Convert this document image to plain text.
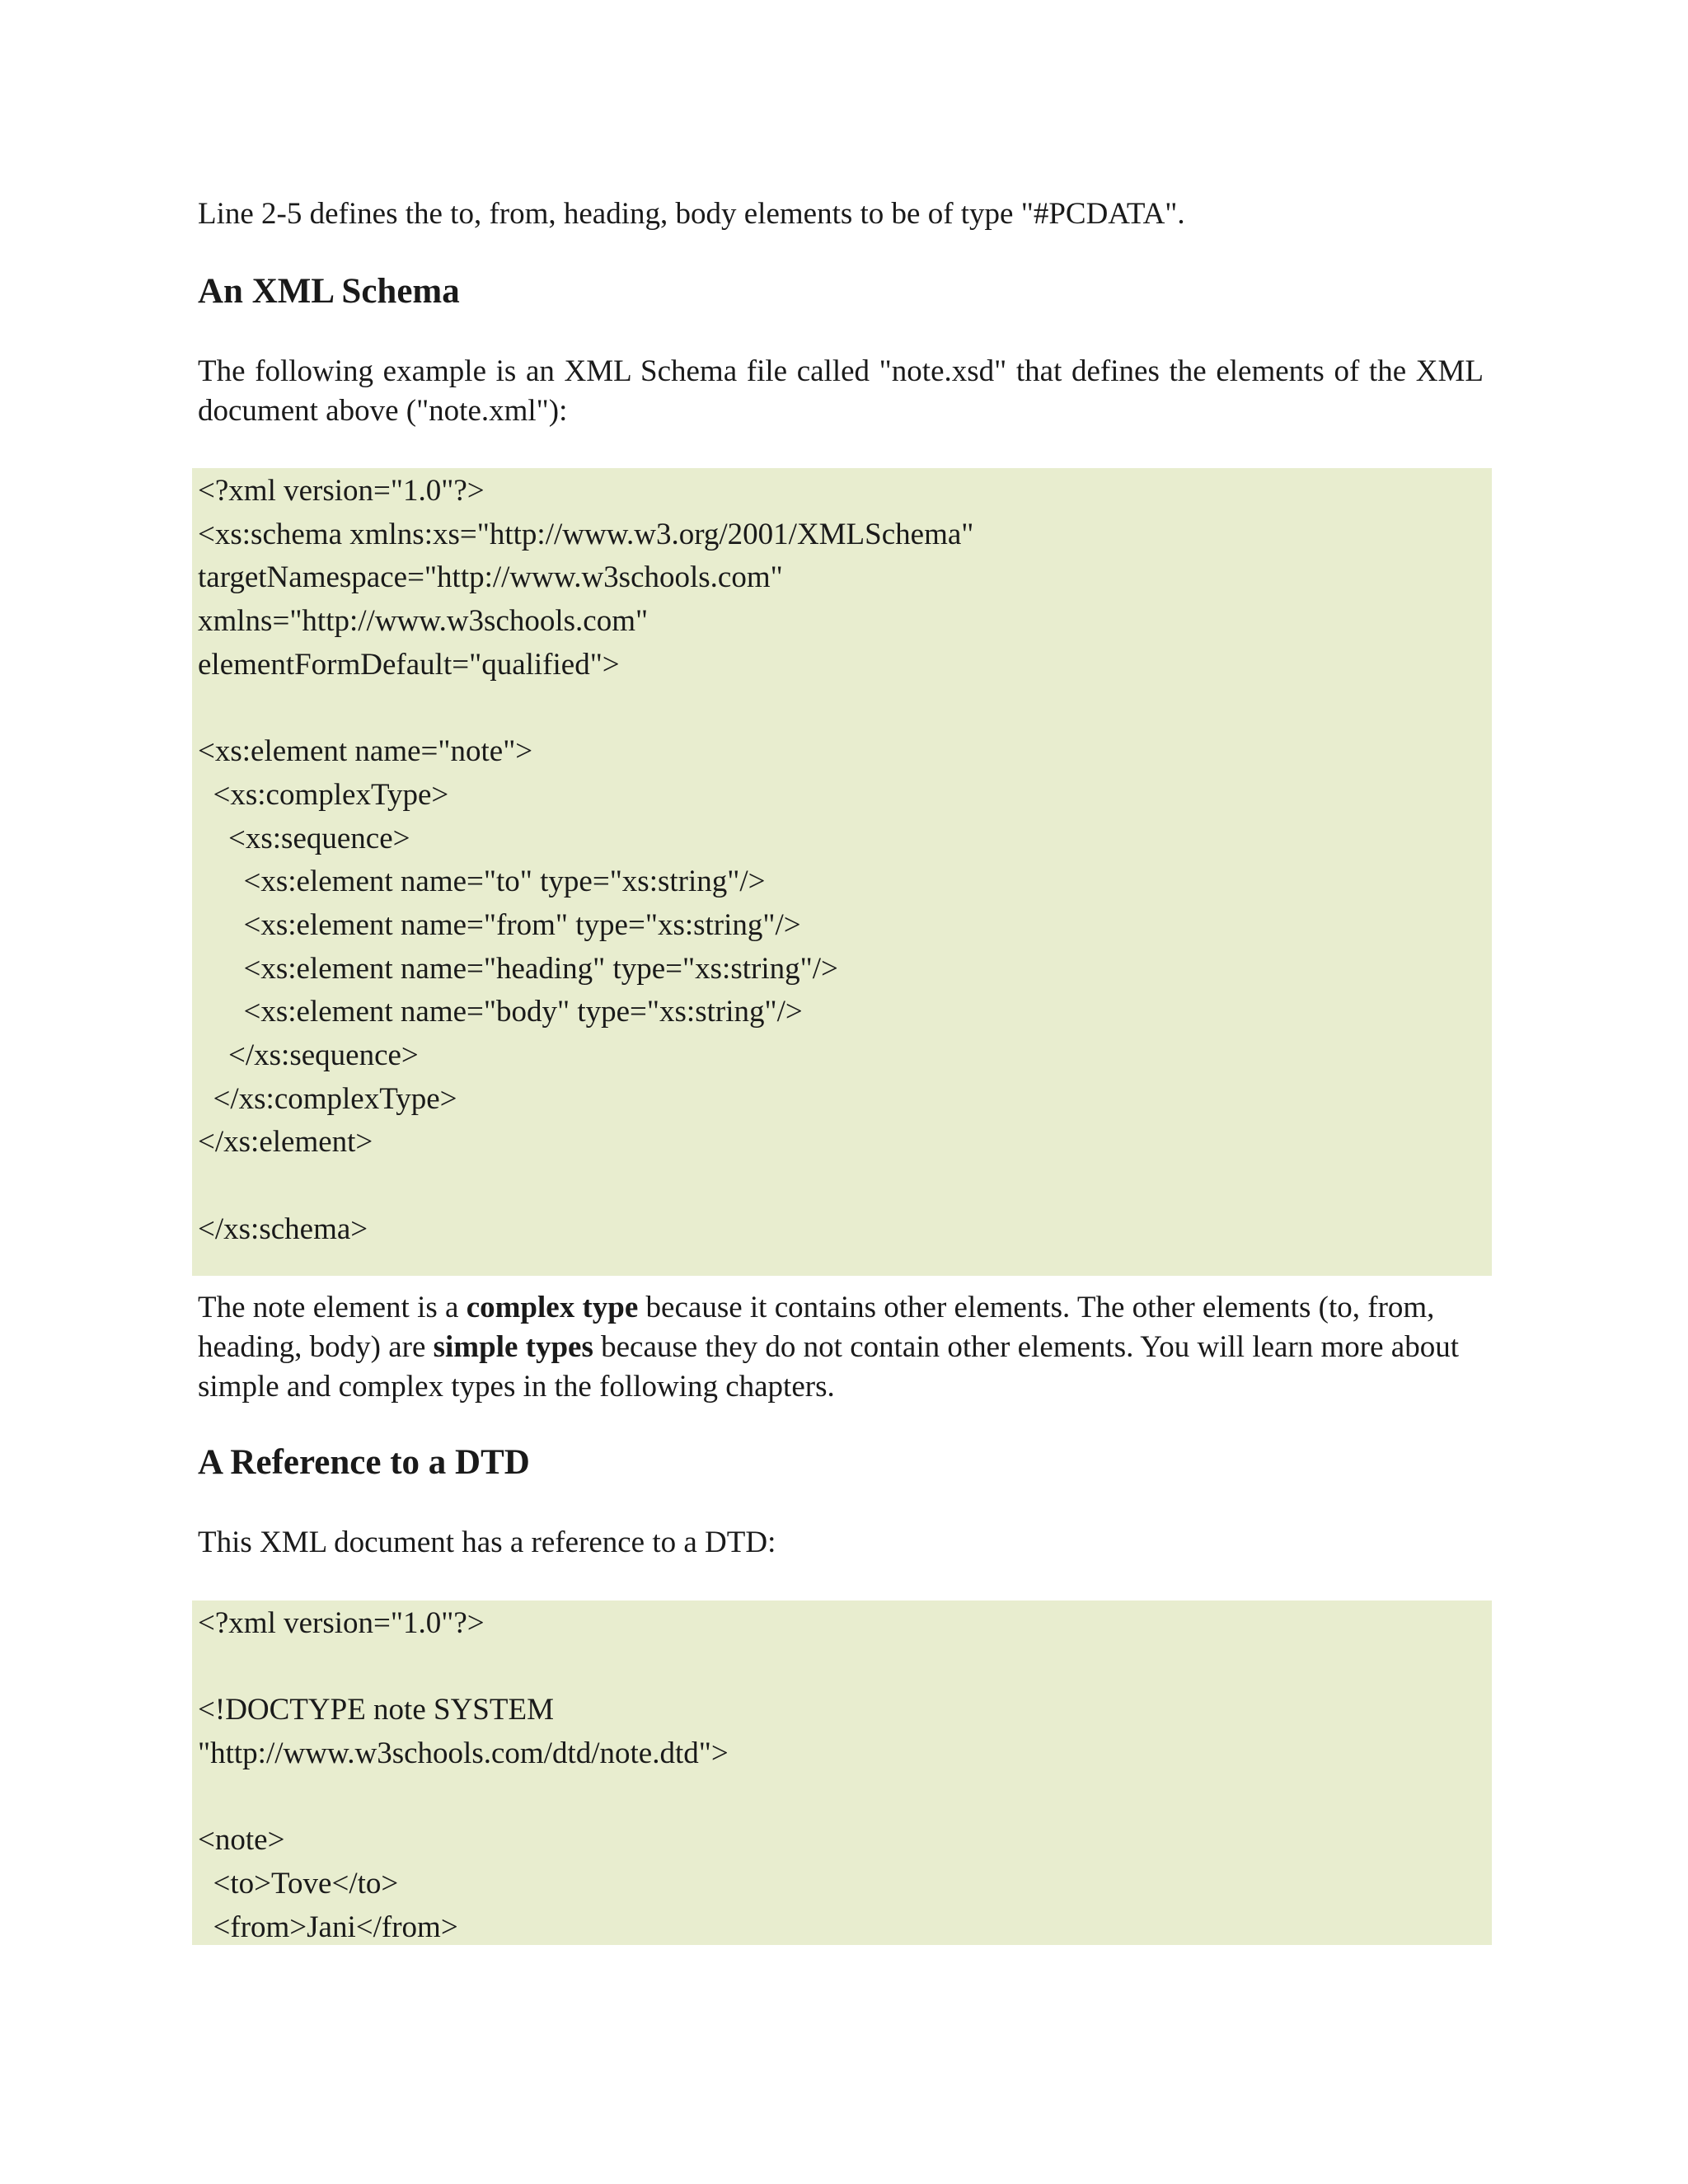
Line 2-5 defines the to, from, heading, body elements to be of type "#PCDATA".

An XML Schema

The following example is an XML Schema file called "note.xsd" that defines the elements of the XML document above ("note.xml"):

<?xml version="1.0"?>
<xs:schema xmlns:xs="http://www.w3.org/2001/XMLSchema"
targetNamespace="http://www.w3schools.com"
xmlns="http://www.w3schools.com"
elementFormDefault="qualified">
<xs:element name="note">
<xs:complexType>
<xs:sequence>
<xs:element name="to" type="xs:string"/>
<xs:element name="from" type="xs:string"/>
<xs:element name="heading" type="xs:string"/>
<xs:element name="body" type="xs:string"/>
</xs:sequence>
</xs:complexType>
</xs:element>
</xs:schema>

The note element is a complex type because it contains other elements. The other elements (to, from, heading, body) are simple types because they do not contain other elements. You will learn more about simple and complex types in the following chapters.

A Reference to a DTD

This XML document has a reference to a DTD:

<?xml version="1.0"?>
<!DOCTYPE note SYSTEM
"http://www.w3schools.com/dtd/note.dtd">
<note>
<to>Tove</to>
<from>Jani</from>
